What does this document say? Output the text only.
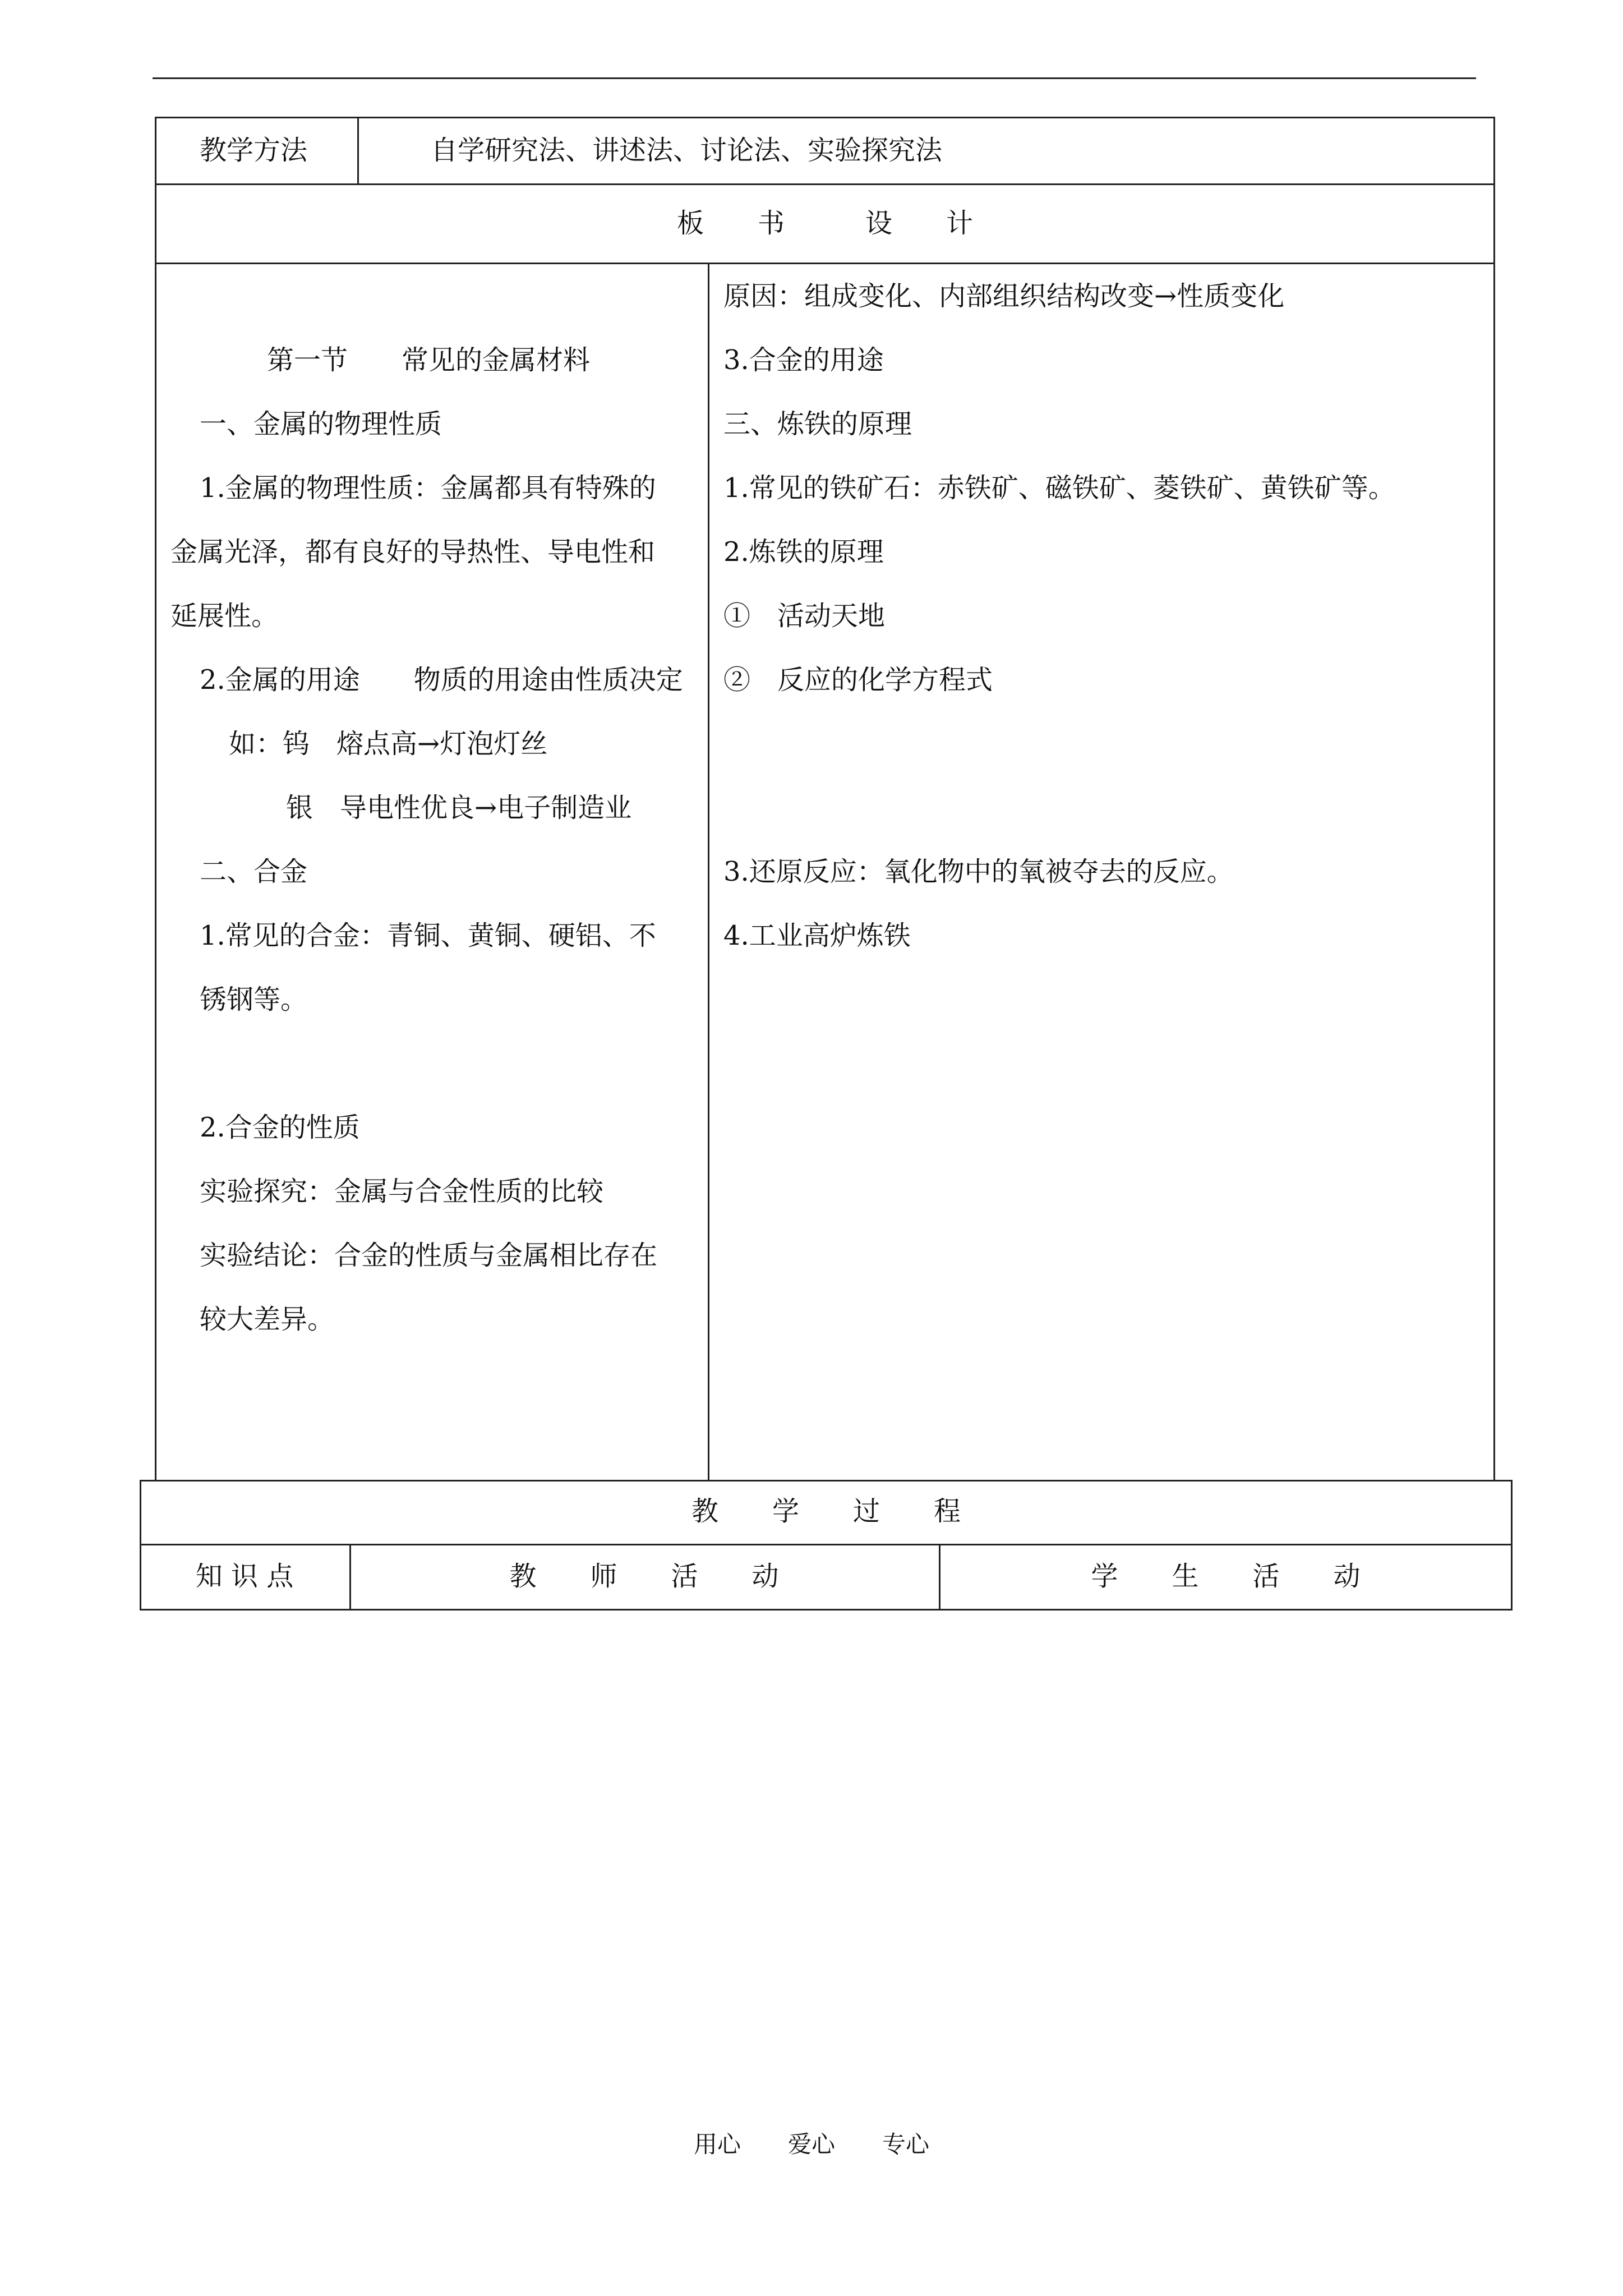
教学方法	自学研究法、讲述法、讨论法、实验探究法
板　　书　　　设　　计
第一节　　常见的金属材料
一、金属的物理性质
1.金属的物理性质：金属都具有特殊的
金属光泽，都有良好的导热性、导电性和
延展性。
2.金属的用途　　物质的用途由性质决定
如：钨　熔点高→灯泡灯丝
银　导电性优良→电子制造业
二、合金
1.常见的合金：青铜、黄铜、硬铝、不
锈钢等。
2.合金的性质
实验探究：金属与合金性质的比较
实验结论：合金的性质与金属相比存在
较大差异。
原因：组成变化、内部组织结构改变→性质变化
3.合金的用途
三、炼铁的原理
1.常见的铁矿石：赤铁矿、磁铁矿、菱铁矿、黄铁矿等。
2.炼铁的原理
①　活动天地
②　反应的化学方程式
3.还原反应：氧化物中的氧被夺去的反应。
4.工业高炉炼铁
教　　学　　过　　程
知 识 点	教　　师　　活　　动	学　　生　　活　　动
用心　　爱心　　专心
